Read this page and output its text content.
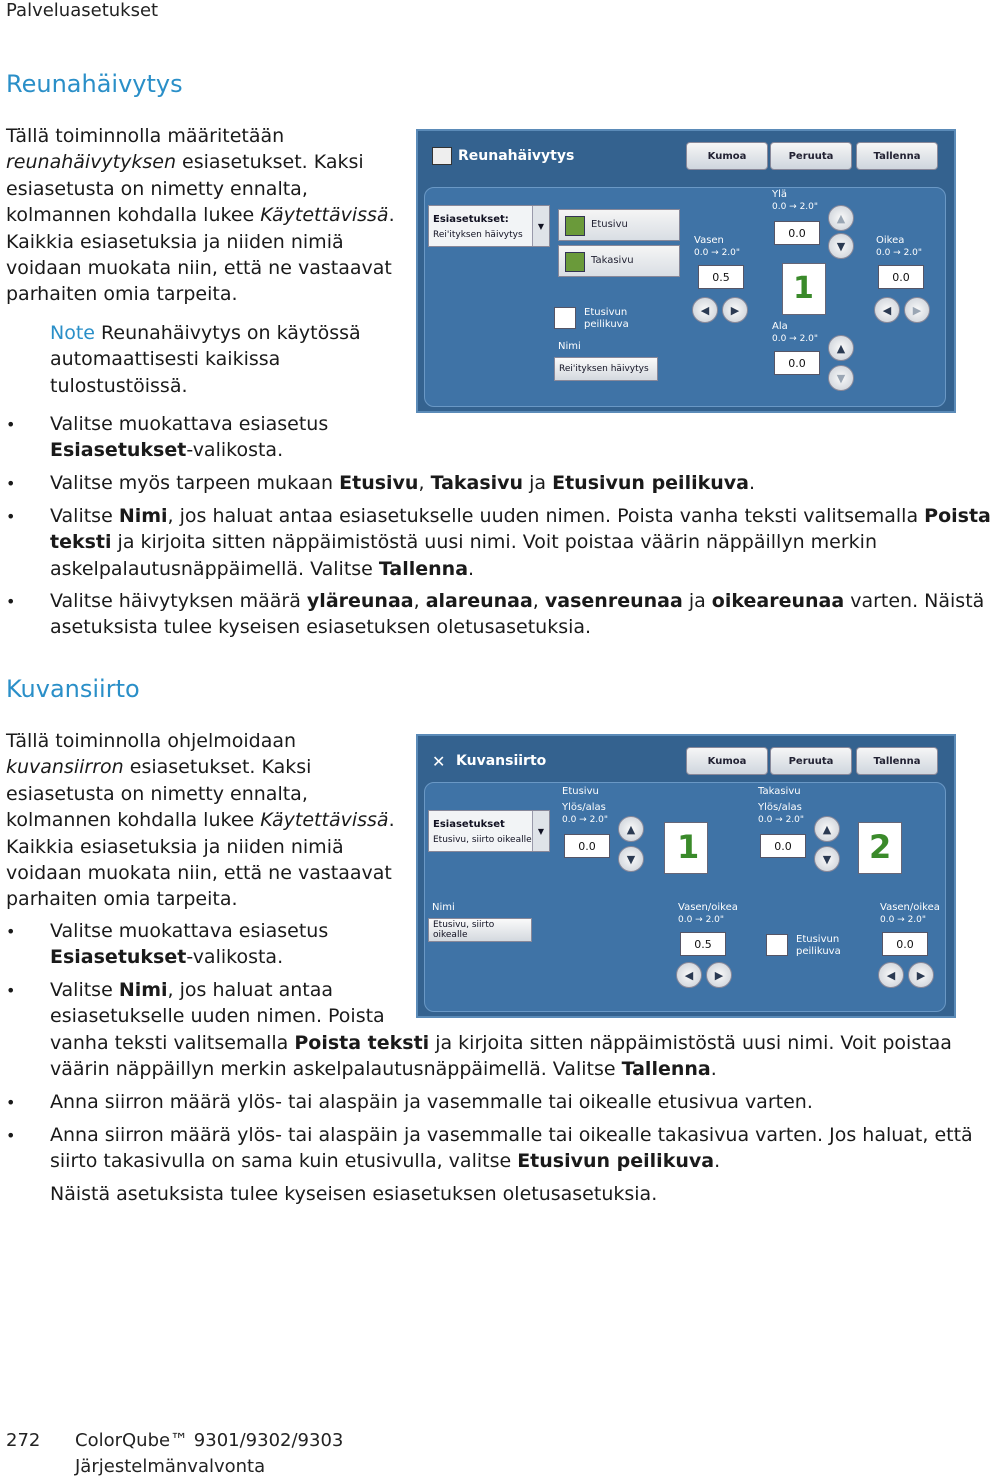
Palveluasetukset
Reunahäivytys
Tällä toiminnolla määritetään
reunahäivytyksen esiasetukset. Kaksi
esiasetusta on nimetty ennalta,
kolmannen kohdalla lukee Käytettävissä.
Kaikkia esiasetuksia ja niiden nimiä
voidaan muokata niin, että ne vastaavat
parhaiten omia tarpeita.
Note Reunahäivytys on käytössä
automaattisesti kaikissa
tulostustöissä.
• Valitse muokattava esiasetus
Esiasetukset-valikosta.
• Valitse myös tarpeen mukaan Etusivu, Takasivu ja Etusivun peilikuva.
• Valitse Nimi, jos haluat antaa esiasetukselle uuden nimen. Poista vanha teksti valitsemalla Poista
teksti ja kirjoita sitten näppäimistöstä uusi nimi. Voit poistaa väärin näppäillyn merkin
askelpalautusnäppäimellä. Valitse Tallenna.
• Valitse häivytyksen määrä yläreunaa, alareunaa, vasenreunaa ja oikeareunaa varten. Näistä
asetuksista tulee kyseisen esiasetuksen oletusasetuksia.
Reunahäivytys	Kumoa	Peruuta	Tallenna
Esiasetukset:
Rei'ityksen häivytys
▼	Etusivu
Takasivu
Etusivun peilikuva
Nimi
Rei'ityksen häivytys
Ylä
0.0 → 2.0"
0.0
▲
▼
Vasen
0.0 → 2.0"
0.5
◀	▶
1
Oikea
0.0 → 2.0"
0.0
◀	▶
Ala
0.0 → 2.0"
0.0
▲
▼
Kuvansiirto
Tällä toiminnolla ohjelmoidaan
kuvansiirron esiasetukset. Kaksi
esiasetusta on nimetty ennalta,
kolmannen kohdalla lukee Käytettävissä.
Kaikkia esiasetuksia ja niiden nimiä
voidaan muokata niin, että ne vastaavat
parhaiten omia tarpeita.
• Valitse muokattava esiasetus
Esiasetukset-valikosta.
• Valitse Nimi, jos haluat antaa
esiasetukselle uuden nimen. Poista
vanha teksti valitsemalla Poista teksti ja kirjoita sitten näppäimistöstä uusi nimi. Voit poistaa
väärin näppäillyn merkin askelpalautusnäppäimellä. Valitse Tallenna.
• Anna siirron määrä ylös- tai alaspäin ja vasemmalle tai oikealle etusivua varten.
• Anna siirron määrä ylös- tai alaspäin ja vasemmalle tai oikealle takasivua varten. Jos haluat, että
siirto takasivulla on sama kuin etusivulla, valitse Etusivun peilikuva.
Näistä asetuksista tulee kyseisen esiasetuksen oletusasetuksia.
✕ Kuvansiirto	Kumoa	Peruuta	Tallenna
Esiasetukset
Etusivu, siirto oikealle
▼
Nimi
Etusivu, siirto oikealle
Etusivu
Ylös/alas
0.0 → 2.0"
0.0
▲
▼ 1
Vasen/oikea
0.0 → 2.0"
0.5
◀	▶
Takasivu
Ylös/alas
0.0 → 2.0"
0.0
▲
▼ 2
Etusivun peilikuva
Vasen/oikea
0.0 → 2.0"
0.0
◀	▶
272 ColorQube™ 9301/9302/9303
Järjestelmänvalvonta
